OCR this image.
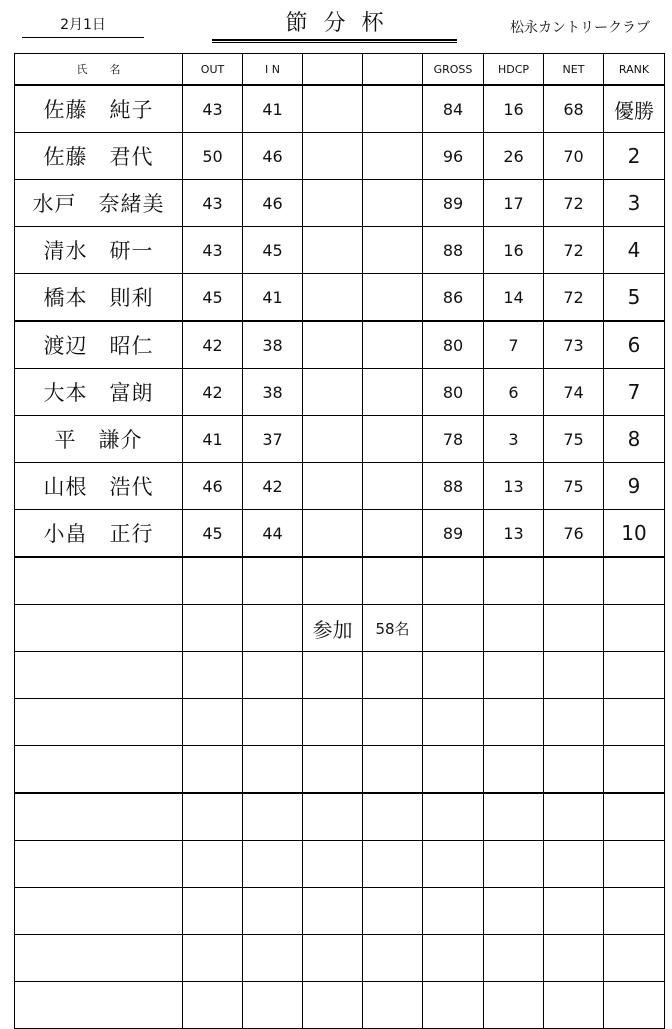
2月1日	節分杯	松永カントリークラブ
氏　　名	OUT	I N			GROSS	HDCP	NET	RANK
佐藤　純子	43	41			84	16	68	優勝
佐藤　君代	50	46			96	26	70	2
水戸　奈緒美	43	46			89	17	72	3
清水　研一	43	45			88	16	72	4
橋本　則利	45	41			86	14	72	5
渡辺　昭仁	42	38			80	7	73	6
大本　富朗	42	38			80	6	74	7
平　謙介	41	37			78	3	75	8
山根　浩代	46	42			88	13	75	9
小畠　正行	45	44			89	13	76	10

			参加	58名				
